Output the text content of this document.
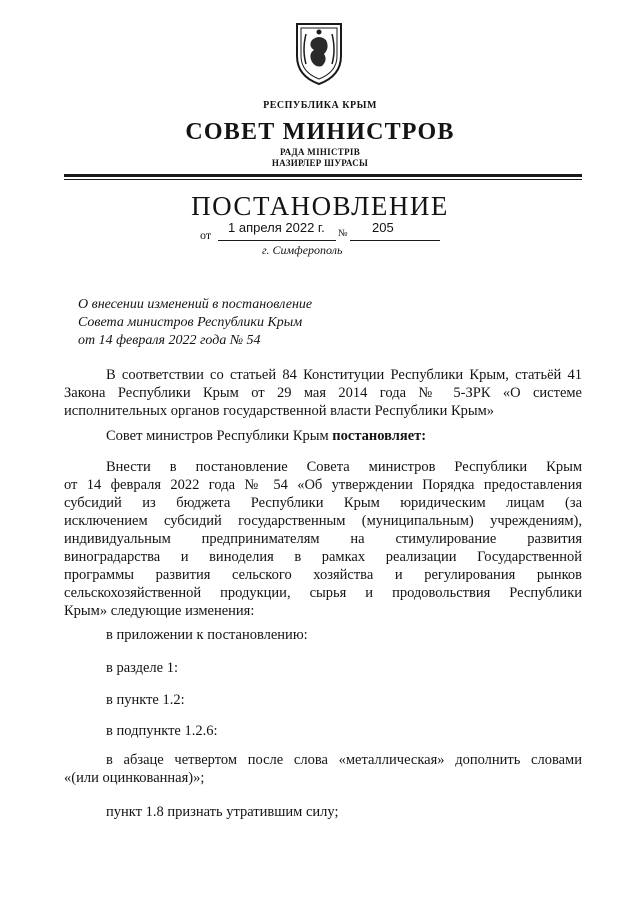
РЕСПУБЛИКА КРЫМ
СОВЕТ МИНИСТРОВ
РАДА МІНІСТРІВ
НАЗИРЛЕР ШУРАСЫ
ПОСТАНОВЛЕНИЕ
от 1 апреля 2022 г. № 205
г. Симферополь
О внесении изменений в постановление
Совета министров Республики Крым
от 14 февраля 2022 года № 54
В соответствии со статьей 84 Конституции Республики Крым, статьёй 41
Закона Республики Крым от 29 мая 2014 года № 5-ЗРК «О системе
исполнительных органов государственной власти Республики Крым»
Совет министров Республики Крым постановляет:
Внести в постановление Совета министров Республики Крым
от 14 февраля 2022 года № 54 «Об утверждении Порядка предоставления
субсидий из бюджета Республики Крым юридическим лицам (за
исключением субсидий государственным (муниципальным) учреждениям),
индивидуальным предпринимателям на стимулирование развития
виноградарства и виноделия в рамках реализации Государственной
программы развития сельского хозяйства и регулирования рынков
сельскохозяйственной продукции, сырья и продовольствия Республики
Крым» следующие изменения:
в приложении к постановлению:
в разделе 1:
в пункте 1.2:
в подпункте 1.2.6:
в абзаце четвертом после слова «металлическая» дополнить словами
«(или оцинкованная)»;
пункт 1.8 признать утратившим силу;
